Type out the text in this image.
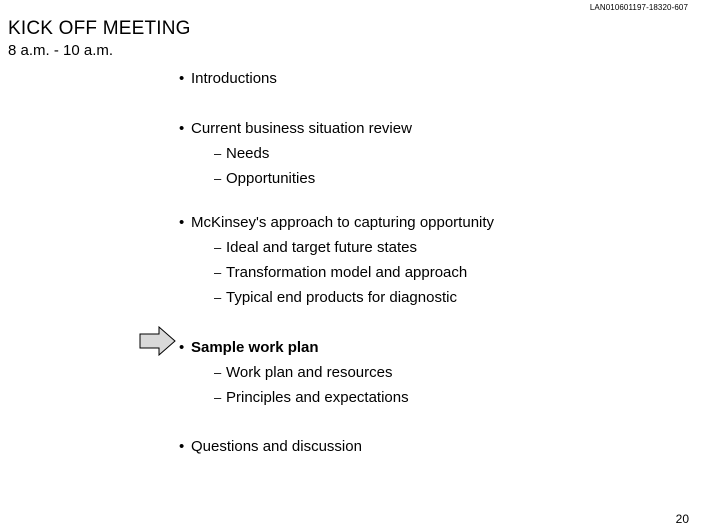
LAN010601197-18320-607
KICK OFF MEETING

8 a.m. - 10 a.m.

• Introductions
• Current business situation review
– Needs
– Opportunities
• McKinsey's approach to capturing opportunity
– Ideal and target future states
– Transformation model and approach
– Typical end products for diagnostic
• Sample work plan
– Work plan and resources
– Principles and expectations
• Questions and discussion
20
